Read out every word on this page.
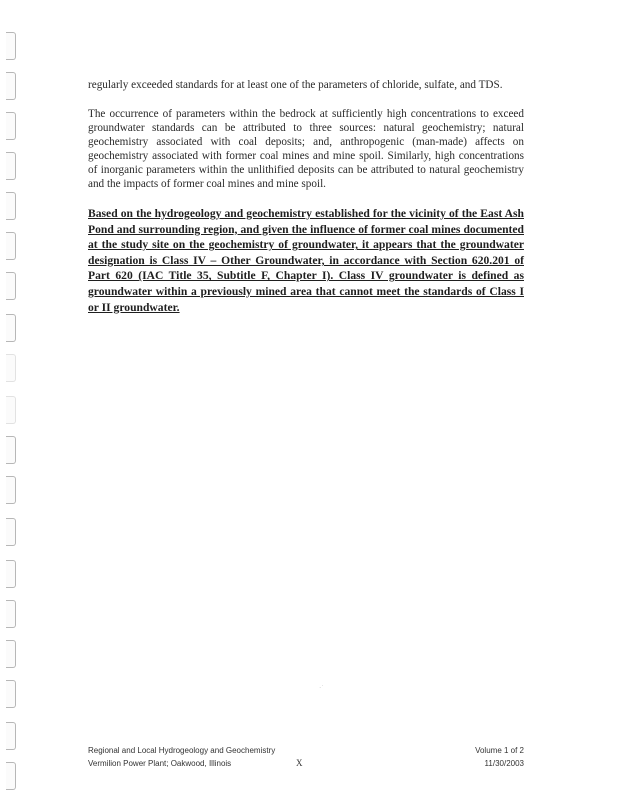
regularly exceeded standards for at least one of the parameters of chloride, sulfate, and TDS.

The occurrence of parameters within the bedrock at sufficiently high concentrations to exceed groundwater standards can be attributed to three sources: natural geochemistry; natural geochemistry associated with coal deposits; and, anthropogenic (man-made) affects on geochemistry associated with former coal mines and mine spoil. Similarly, high concentrations of inorganic parameters within the unlithified deposits can be attributed to natural geochemistry and the impacts of former coal mines and mine spoil.

Based on the hydrogeology and geochemistry established for the vicinity of the East Ash Pond and surrounding region, and given the influence of former coal mines documented at the study site on the geochemistry of groundwater, it appears that the groundwater designation is Class IV – Other Groundwater, in accordance with Section 620.201 of Part 620 (IAC Title 35, Subtitle F, Chapter I). Class IV groundwater is defined as groundwater within a previously mined area that cannot meet the standards of Class I or II groundwater.

·˙
Regional and Local Hydrogeology and Geochemistry
Vermilion Power Plant; Oakwood, Illinois	X
Volume 1 of 2
11/30/2003
